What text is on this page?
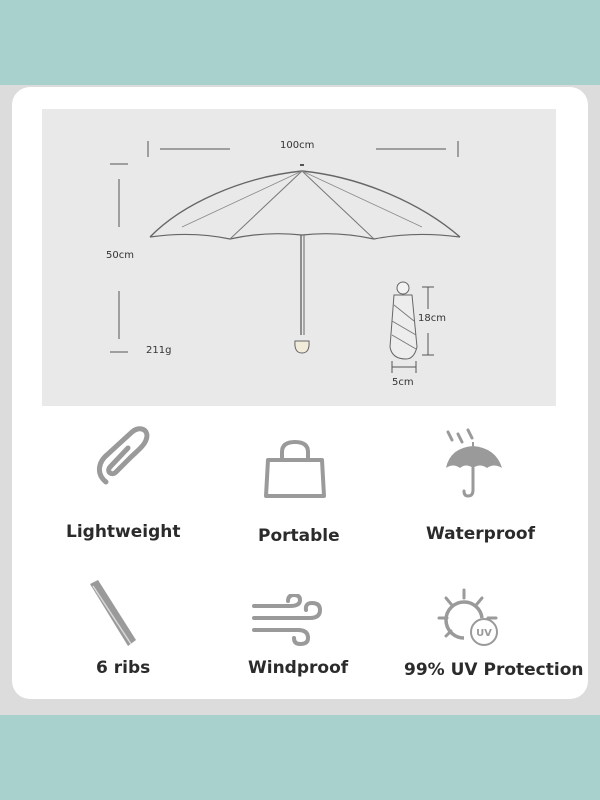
100cm
50cm
211g
18cm
5cm
UV
Lightweight	Portable	Waterproof
6 ribs	Windproof	99% UV Protection
